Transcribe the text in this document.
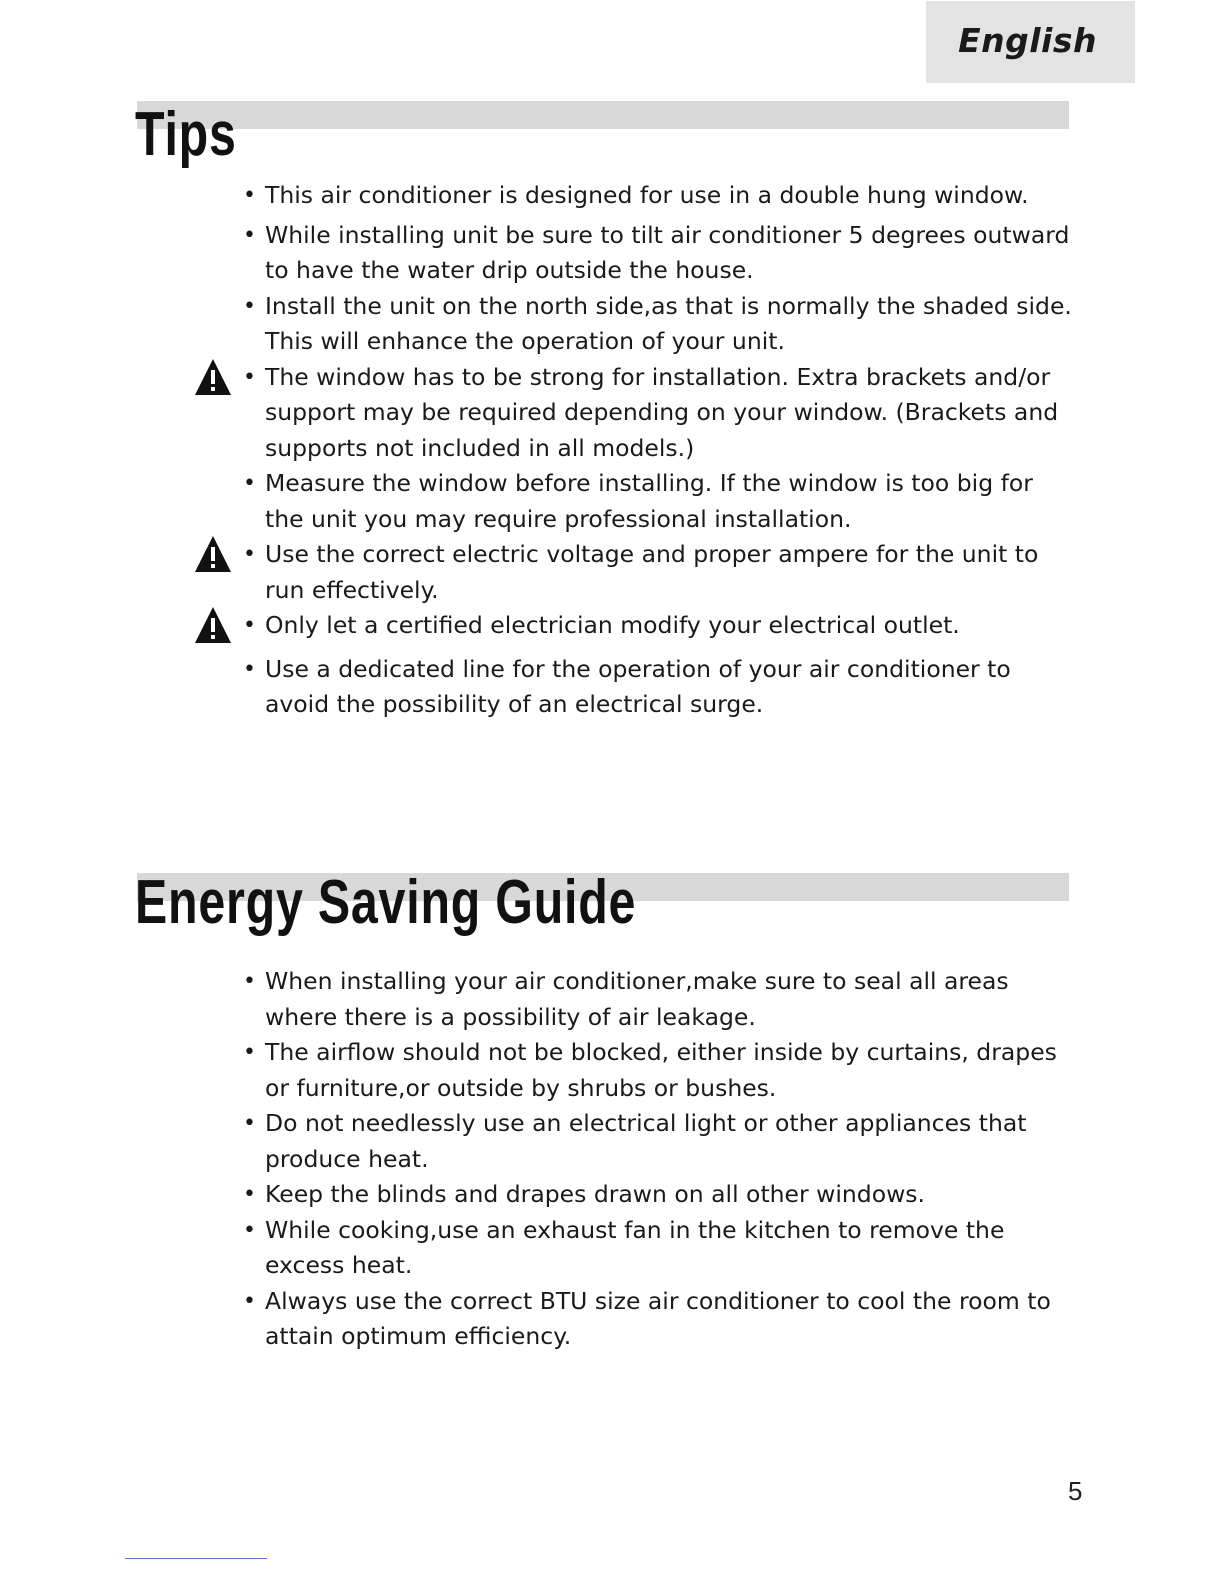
English
Tips
• This air conditioner is designed for use in a double hung window.
• While installing unit be sure to tilt air conditioner 5 degrees outward to have the water drip outside the house.
• Install the unit on the north side,as that is normally the shaded side. This will enhance the operation of your unit.
• The window has to be strong for installation. Extra brackets and/or support may be required depending on your window. (Brackets and supports not included in all models.)
• Measure the window before installing. If the window is too big for the unit you may require professional installation.
• Use the correct electric voltage and proper ampere for the unit to run effectively.
• Only let a certified electrician modify your electrical outlet.
• Use a dedicated line for the operation of your air conditioner to avoid the possibility of an electrical surge.
Energy Saving Guide
• When installing your air conditioner,make sure to seal all areas where there is a possibility of air leakage.
• The airflow should not be blocked, either inside by curtains, drapes or furniture,or outside by shrubs or bushes.
• Do not needlessly use an electrical light or other appliances that produce heat.
• Keep the blinds and drapes drawn on all other windows.
• While cooking,use an exhaust fan in the kitchen to remove the excess heat.
• Always use the correct BTU size air conditioner to cool the room to attain optimum efficiency.
5
